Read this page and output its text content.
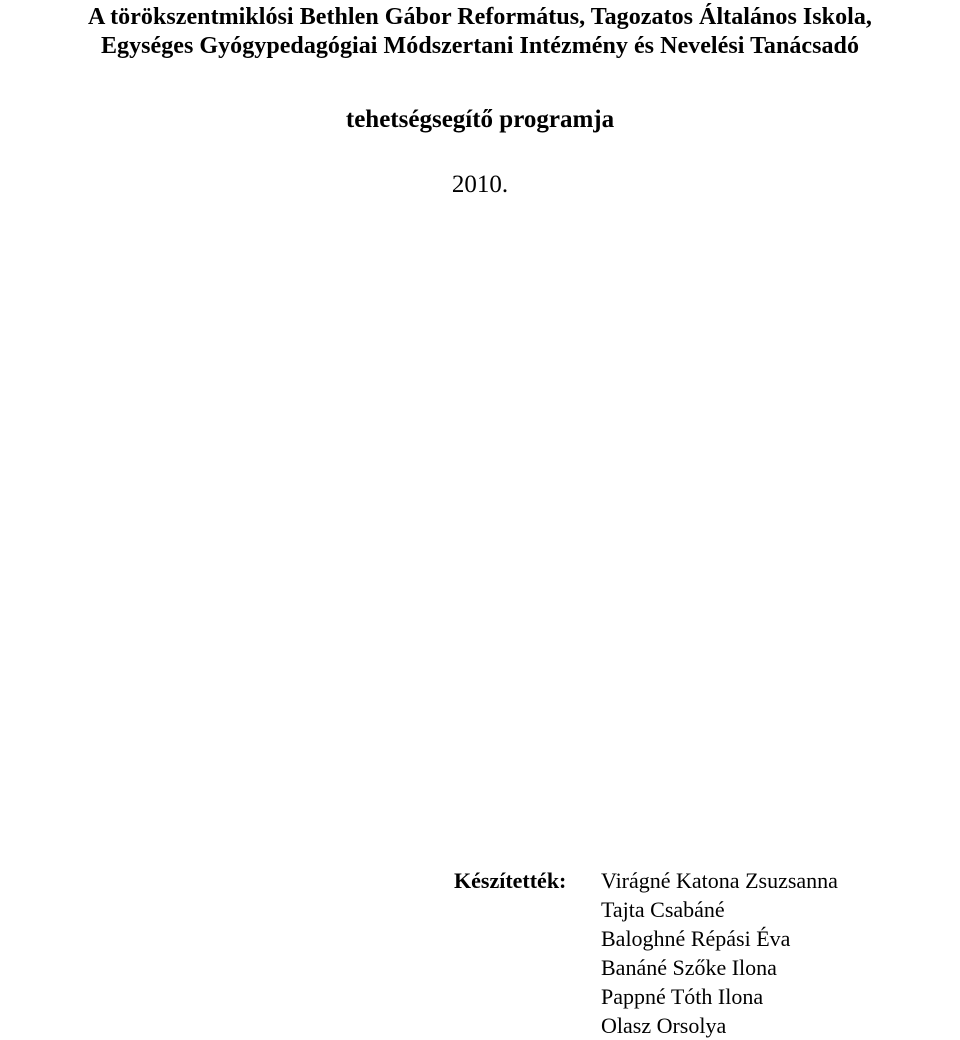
A törökszentmiklósi Bethlen Gábor Református, Tagozatos Általános Iskola,
Egységes Gyógypedagógiai Módszertani Intézmény és Nevelési Tanácsadó
tehetségsegítő programja
2010.
Készítették:	Virágné Katona Zsuzsanna
Tajta Csabáné
Baloghné Répási Éva
Banáné Szőke Ilona
Pappné Tóth Ilona
Olasz Orsolya
